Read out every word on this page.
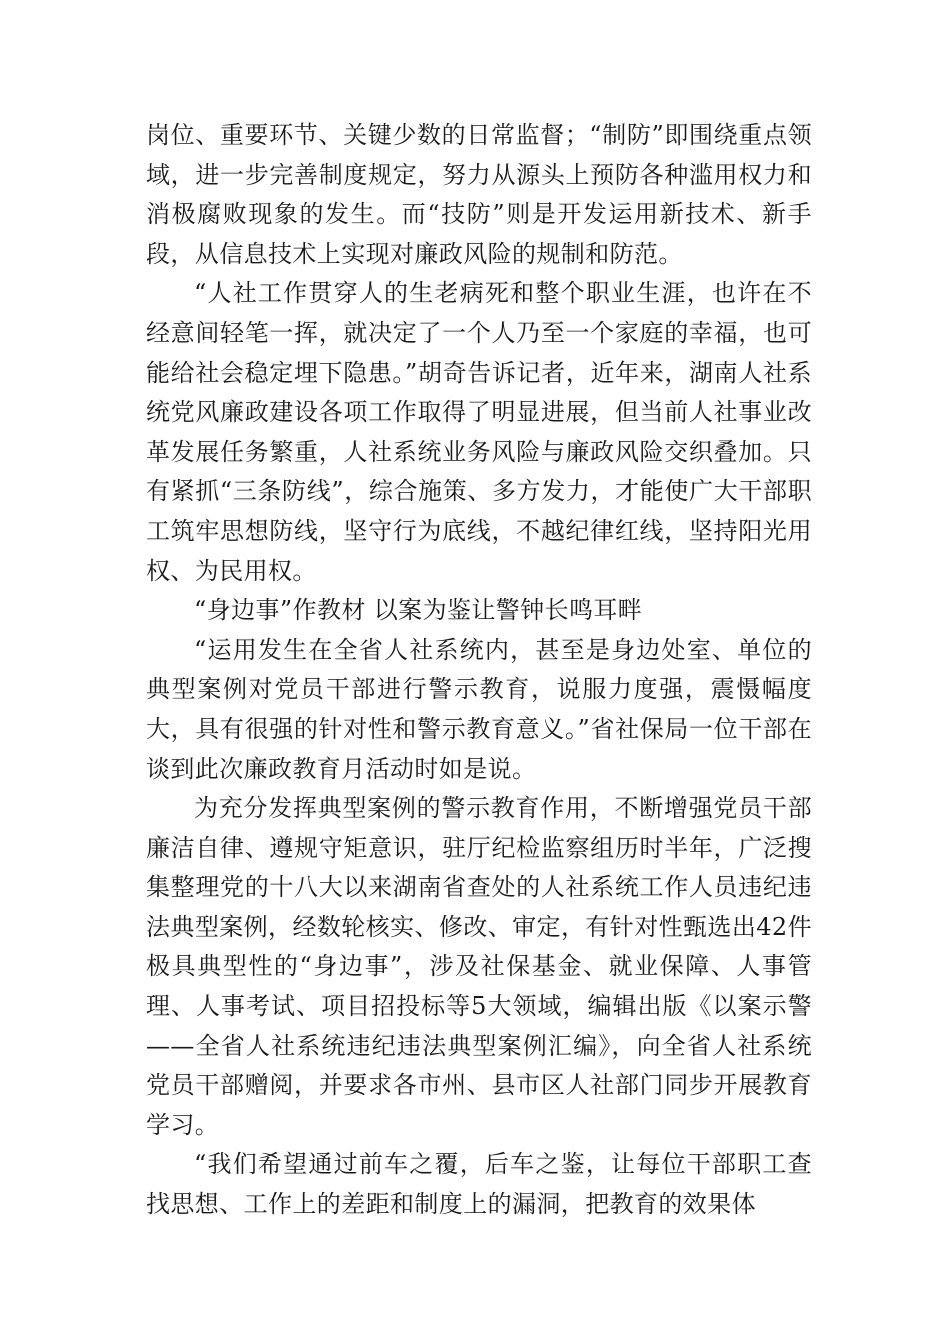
岗位、重要环节、关键少数的日常监督；“制防”即围绕重点领域，进一步完善制度规定，努力从源头上预防各种滥用权力和消极腐败现象的发生。而“技防”则是开发运用新技术、新手段，从信息技术上实现对廉政风险的规制和防范。

“人社工作贯穿人的生老病死和整个职业生涯，也许在不经意间轻笔一挥，就决定了一个人乃至一个家庭的幸福，也可能给社会稳定埋下隐患。”胡奇告诉记者，近年来，湖南人社系统党风廉政建设各项工作取得了明显进展，但当前人社事业改革发展任务繁重，人社系统业务风险与廉政风险交织叠加。只有紧抓“三条防线”，综合施策、多方发力，才能使广大干部职工筑牢思想防线，坚守行为底线，不越纪律红线，坚持阳光用权、为民用权。

“身边事”作教材 以案为鉴让警钟长鸣耳畔

“运用发生在全省人社系统内，甚至是身边处室、单位的典型案例对党员干部进行警示教育，说服力度强，震慑幅度大，具有很强的针对性和警示教育意义。”省社保局一位干部在谈到此次廉政教育月活动时如是说。

为充分发挥典型案例的警示教育作用，不断增强党员干部廉洁自律、遵规守矩意识，驻厅纪检监察组历时半年，广泛搜集整理党的十八大以来湖南省查处的人社系统工作人员违纪违法典型案例，经数轮核实、修改、审定，有针对性甄选出42件极具典型性的“身边事”，涉及社保基金、就业保障、人事管理、人事考试、项目招投标等5大领域，编辑出版《以案示警——全省人社系统违纪违法典型案例汇编》，向全省人社系统党员干部赠阅，并要求各市州、县市区人社部门同步开展教育学习。

“我们希望通过前车之覆，后车之鉴，让每位干部职工查找思想、工作上的差距和制度上的漏洞，把教育的效果体
